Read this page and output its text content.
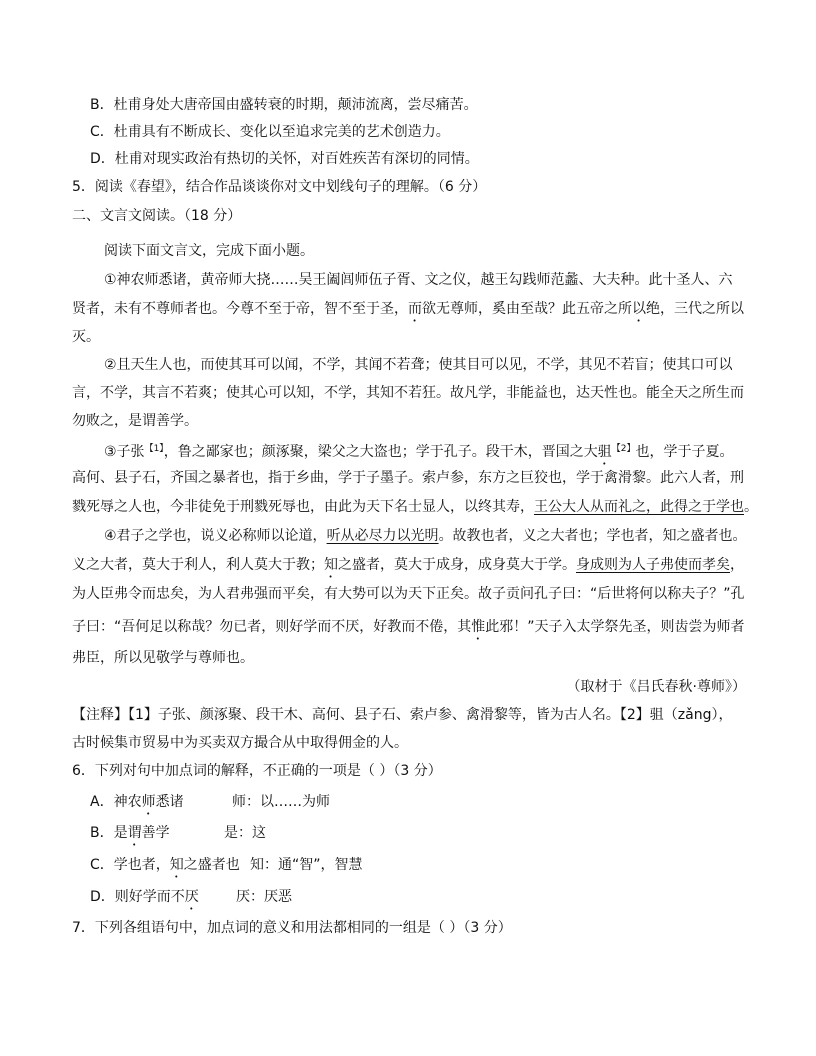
B．杜甫身处大唐帝国由盛转衰的时期，颠沛流离，尝尽痛苦。
C．杜甫具有不断成长、变化以至追求完美的艺术创造力。
D．杜甫对现实政治有热切的关怀，对百姓疾苦有深切的同情。
5．阅读《春望》，结合作品谈谈你对文中划线句子的理解。（6 分）
二、文言文阅读。（18 分）
阅读下面文言文，完成下面小题。
①神农师悉诸，黄帝师大挠……吴王阖闾师伍子胥、文之仪，越王勾践师范蠡、大夫种。此十圣人、六
贤者，未有不尊师者也。今尊不至于帝，智不至于圣，而欲无尊师，奚由至哉？此五帝之所以绝，三代之所以
灭。
②且天生人也，而使其耳可以闻，不学，其闻不若聋；使其目可以见，不学，其见不若盲；使其口可以
言，不学，其言不若爽；使其心可以知，不学，其知不若狂。故凡学，非能益也，达天性也。能全天之所生而
勿败之，是谓善学。
③子张$^{【1】}$，鲁之鄙家也；颜涿聚，梁父之大盗也；学于孔子。段干木，晋国之大驵$^{【2】}$也，学于子夏。
高何、县子石，齐国之暴者也，指于乡曲，学于子墨子。索卢参，东方之巨狡也，学于禽滑黎。此六人者，刑
戮死辱之人也，今非徒免于刑戮死辱也，由此为天下名士显人，以终其寿，王公大人从而礼之，此得之于学也。
④君子之学也，说义必称师以论道，听从必尽力以光明。故教也者，义之大者也；学也者，知之盛者也。
义之大者，莫大于利人，利人莫大于教；知之盛者，莫大于成身，成身莫大于学。身成则为人子弗使而孝矣，
为人臣弗令而忠矣，为人君弗强而平矣，有大势可以为天下正矣。故子贡问孔子曰：“后世将何以称夫子？”孔
子曰：“吾何足以称哉？勿已者，则好学而不厌，好教而不倦，其惟此邪！”天子入太学祭先圣，则齿尝为师者
弗臣，所以见敬学与尊师也。
（取材于《吕氏春秋·尊师》）
【注释】【1】子张、颜涿聚、段干木、高何、县子石、索卢参、禽滑黎等，皆为古人名。【2】驵（zǎng），
古时候集市贸易中为买卖双方撮合从中取得佣金的人。
6．下列对句中加点词的解释，不正确的一项是（ ）（3 分）
A．神农师悉诸	师：以……为师
B．是谓善学	是：这
C．学也者，知之盛者也 知：通“智”，智慧
D．则好学而不厌	厌：厌恶
7．下列各组语句中，加点词的意义和用法都相同的一组是（ ）（3 分）
